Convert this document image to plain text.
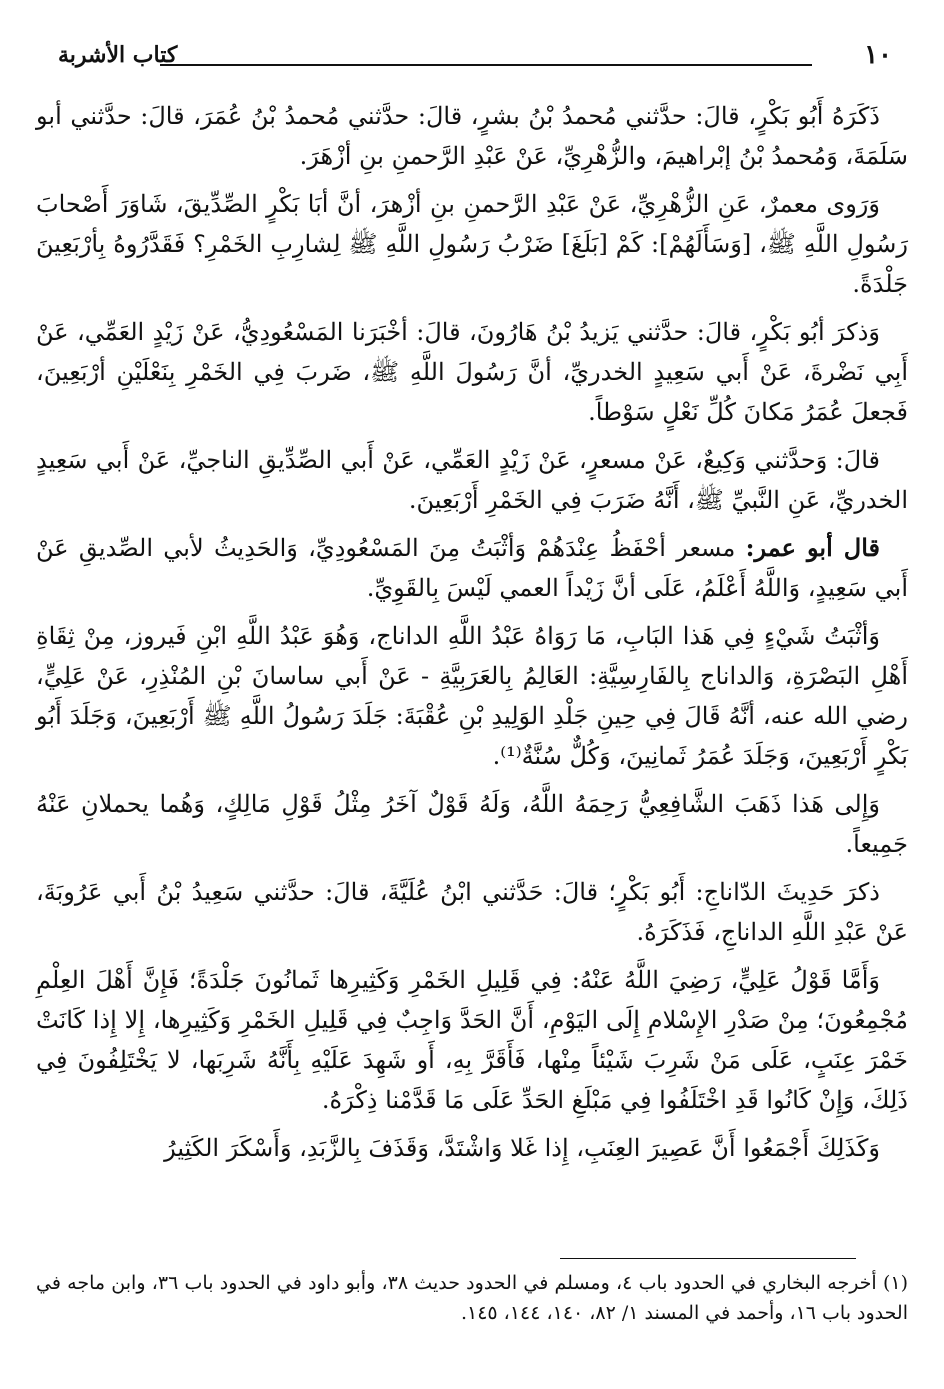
١٠
كتاب الأشربة

ذَكَرَهُ أَبُو بَكْرٍ، قالَ: حدَّثني مُحمدُ بْنُ بشرٍ، قالَ: حدَّثني مُحمدُ بْنُ عُمَرَ، قالَ: حدَّثني أبو سَلَمَةَ، وَمُحمدُ بْنُ إبْراهيمَ، والزُّهْرِيِّ، عَنْ عَبْدِ الرَّحمنِ بنِ أزْهَرَ.

وَرَوى معمرٌ، عَنِ الزُّهْرِيِّ، عَنْ عَبْدِ الرَّحمنِ بنِ أزْهرَ، أنَّ أبَا بَكْرٍ الصِّدِّيقَ، شَاوَرَ أَصْحابَ رَسُولِ اللَّهِ ﷺ، [وَسَأَلَهُمْ]: كَمْ [بَلَغَ] ضَرْبُ رَسُولِ اللَّهِ ﷺ لِشارِبِ الخَمْرِ؟ فَقَدَّرُوهُ بِأرْبَعِينَ جَلْدَةً.

وَذكرَ أبُو بَكْرٍ، قالَ: حدَّثني يَزيدُ بْنُ هَارُونَ، قالَ: أخْبَرَنا المَسْعُودِيُّ، عَنْ زَيْدٍ العَمِّي، عَنْ أَبِي نَضْرةَ، عَنْ أَبي سَعِيدٍ الخدريِّ، أنَّ رَسُولَ اللَّهِ ﷺ، ضَربَ فِي الخَمْرِ بِنَعْلَيْنِ أرْبَعِينَ، فَجعلَ عُمَرُ مَكانَ كُلِّ نَعْلٍ سَوْطاً.

قالَ: وَحدَّثني وَكِيعٌ، عَنْ مسعرٍ، عَنْ زَيْدٍ العَمِّي، عَنْ أَبي الصِّدِّيقِ الناجيِّ، عَنْ أَبي سَعِيدٍ الخدريِّ، عَنِ النَّبيِّ ﷺ، أَنَّهُ ضَرَبَ فِي الخَمْرِ أَرْبَعِينَ.

قال أبو عمر: مسعر أحْفَظُ عِنْدَهُمْ وَأثْبَتُ مِنَ المَسْعُودِيِّ، وَالحَدِيثُ لأبي الصِّديقِ عَنْ أَبي سَعِيدٍ، وَاللَّهُ أَعْلَمُ، عَلَى أنَّ زَيْداً العمي لَيْسَ بِالقَوِيِّ.

وَأثْبَتُ شَيْءٍ فِي هَذا البَابِ، مَا رَوَاهُ عَبْدُ اللَّهِ الداناج، وَهُوَ عَبْدُ اللَّهِ ابْنِ فَيروز، مِنْ ثِقَاةِ أَهْلِ البَصْرَةِ، وَالداناج بِالفَارِسِيَّةِ: العَالِمُ بِالعَرَبِيَّةِ - عَنْ أَبي ساسانَ بْنِ المُنْذِرِ، عَنْ عَلِيٍّ، رضي الله عنه، أنَّهُ قَالَ فِي حِينِ جَلْدِ الوَلِيدِ بْنِ عُقْبَةَ: جَلَدَ رَسُولُ اللَّهِ ﷺ أَرْبَعِينَ، وَجَلَدَ أَبُو بَكْرٍ أَرْبَعِينَ، وَجَلَدَ عُمَرُ ثَمانِينَ، وَكُلٌّ سُنَّةٌ⁽¹⁾.

وَإِلى هَذا ذَهَبَ الشَّافِعِيُّ رَحِمَهُ اللَّهُ، وَلَهُ قَوْلٌ آخَرُ مِثْلُ قَوْلِ مَالِكٍ، وَهُما يحملانِ عَنْهُ جَمِيعاً.

ذكرَ حَدِيثَ الدّاناجِ: أَبُو بَكْرٍ؛ قالَ: حَدَّثني ابْنُ عُلَيَّةَ، قالَ: حدَّثني سَعِيدُ بْنُ أَبي عَرُوبَةَ، عَنْ عَبْدِ اللَّهِ الداناجِ، فَذَكَرَهُ.

وَأَمَّا قَوْلُ عَلِيٍّ، رَضِيَ اللَّهُ عَنْهُ: فِي قَلِيلِ الخَمْرِ وَكَثِيرِها ثَمانُونَ جَلْدَةً؛ فَإِنَّ أَهْلَ العِلْمِ مُجْمِعُونَ؛ مِنْ صَدْرِ الإِسْلامِ إِلَى اليَوْمِ، أَنَّ الحَدَّ وَاجِبٌ فِي قَلِيلِ الخَمْرِ وَكَثِيرِها، إِلا إِذا كَانَتْ خَمْرَ عِنَبٍ، عَلَى مَنْ شَرِبَ شَيْئاً مِنْها، فَأَقَرَّ بِهِ، أَو شَهِدَ عَلَيْهِ بِأَنَّهُ شَرِبَها، لا يَخْتَلِفُونَ فِي ذَلِكَ، وَإِنْ كَانُوا قَدِ اخْتَلَفُوا فِي مَبْلَغِ الحَدِّ عَلَى مَا قَدَّمْنا ذِكْرَهُ.

وَكَذَلِكَ أَجْمَعُوا أَنَّ عَصِيرَ العِنَبِ، إِذا غَلا وَاشْتَدَّ، وَقَذَفَ بِالزَّبَدِ، وَأَسْكَرَ الكَثِيرُ

(١) أخرجه البخاري في الحدود باب ٤، ومسلم في الحدود حديث ٣٨، وأبو داود في الحدود باب ٣٦، وابن ماجه في الحدود باب ١٦، وأحمد في المسند ١/ ٨٢، ١٤٠، ١٤٤، ١٤٥.
